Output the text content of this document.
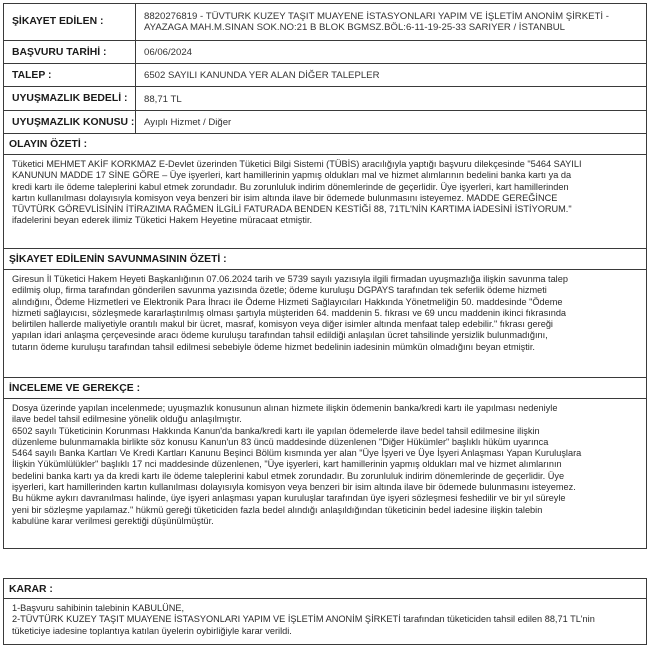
ŞİKAYET EDİLEN :	8820276819 - TÜVTURK KUZEY TAŞIT MUAYENE İSTASYONLARI YAPIM VE İŞLETİM ANONİM ŞİRKETİ -
AYAZAGA MAH.M.SINAN SOK.NO:21 B BLOK BGMSZ.BÖL:6-11-19-25-33 SARIYER / İSTANBUL
BAŞVURU TARİHİ :	06/06/2024
TALEP :	6502 SAYILI KANUNDA YER ALAN DİĞER TALEPLER
UYUŞMAZLIK BEDELİ :	88,71 TL
UYUŞMAZLIK KONUSU : Ayıplı Hizmet / Diğer
OLAYIN ÖZETİ :
Tüketici MEHMET AKİF KORKMAZ E-Devlet üzerinden Tüketici Bilgi Sistemi (TÜBİS) aracılığıyla yaptığı başvuru dilekçesinde "5464 SAYILI
KANUNUN MADDE 17 SİNE GÖRE – Üye işyerleri, kart hamillerinin yapmış oldukları mal ve hizmet alımlarının bedelini banka kartı ya da
kredi kartı ile ödeme taleplerini kabul etmek zorundadır. Bu zorunluluk indirim dönemlerinde de geçerlidir. Üye işyerleri, kart hamillerinden
kartın kullanılması dolayısıyla komisyon veya benzeri bir isim altında ilave bir ödemede bulunmasını isteyemez. MADDE GEREĞİNCE
TÜVTÜRK GÖREVLİSİNİN İTİRAZIMA RAĞMEN İLGİLİ FATURADA BENDEN KESTİĞİ 88, 71TL'NİN KARTIMA İADESİNİ İSTİYORUM."
ifadelerini beyan ederek ilimiz Tüketici Hakem Heyetine müracaat etmiştir.
ŞİKAYET EDİLENİN SAVUNMASININ ÖZETİ :
Giresun İl Tüketici Hakem Heyeti Başkanlığının 07.06.2024 tarih ve 5739 sayılı yazısıyla ilgili firmadan uyuşmazlığa ilişkin savunma talep
edilmiş olup, firma tarafından gönderilen savunma yazısında özetle; ödeme kuruluşu DGPAYS tarafından tek seferlik ödeme hizmeti
alındığını, Ödeme Hizmetleri ve Elektronik Para İhracı ile Ödeme Hizmeti Sağlayıcıları Hakkında Yönetmeliğin 50. maddesinde "Ödeme
hizmeti sağlayıcısı, sözleşmede kararlaştırılmış olması şartıyla müşteriden 64. maddenin 5. fıkrası ve 69 uncu maddenin ikinci fıkrasında
belirtilen hallerde maliyetiyle orantılı makul bir ücret, masraf, komisyon veya diğer isimler altında menfaat talep edebilir." fıkrası gereği
yapılan idari anlaşma çerçevesinde aracı ödeme kuruluşu tarafından tahsil edildiği anlaşılan ücret tahsilinde yersizlik bulunmadığını,
tutarın ödeme kuruluşu tarafından tahsil edilmesi sebebiyle ödeme hizmet bedelinin iadesinin mümkün olmadığını beyan etmiştir.
İNCELEME VE GEREKÇE :
Dosya üzerinde yapılan incelenmede; uyuşmazlık konusunun alınan hizmete ilişkin ödemenin banka/kredi kartı ile yapılması nedeniyle
ilave bedel tahsil edilmesine yönelik olduğu anlaşılmıştır.
6502 sayılı Tüketicinin Korunması Hakkında Kanun'da banka/kredi kartı ile yapılan ödemelerde ilave bedel tahsil edilmesine ilişkin
düzenleme bulunmamakla birlikte söz konusu Kanun'un 83 üncü maddesinde düzenlenen "Diğer Hükümler" başlıklı hüküm uyarınca
5464 sayılı Banka Kartları Ve Kredi Kartları Kanunu Beşinci Bölüm kısmında yer alan "Üye İşyeri ve Üye İşyeri Anlaşması Yapan Kuruluşlara
İlişkin Yükümlülükler" başlıklı 17 nci maddesinde düzenlenen, "Üye işyerleri, kart hamillerinin yapmış oldukları mal ve hizmet alımlarının
bedelini banka kartı ya da kredi kartı ile ödeme taleplerini kabul etmek zorundadır. Bu zorunluluk indirim dönemlerinde de geçerlidir. Üye
işyerleri, kart hamillerinden kartın kullanılması dolayısıyla komisyon veya benzeri bir isim altında ilave bir ödemede bulunmasını isteyemez.
Bu hükme aykırı davranılması halinde, üye işyeri anlaşması yapan kuruluşlar tarafından üye işyeri sözleşmesi feshedilir ve bir yıl süreyle
yeni bir sözleşme yapılamaz." hükmü gereği tüketiciden fazla bedel alındığı anlaşıldığından tüketicinin bedel iadesine ilişkin talebin
kabulüne karar verilmesi gerektiği düşünülmüştür.
KARAR :
1-Başvuru sahibinin talebinin KABULÜNE,
2-TÜVTÜRK KUZEY TAŞIT MUAYENE İSTASYONLARI YAPIM VE İŞLETİM ANONİM ŞİRKETİ tarafından tüketiciden tahsil edilen 88,71 TL'nin
tüketiciye iadesine toplantıya katılan üyelerin oybirliğiyle karar verildi.
